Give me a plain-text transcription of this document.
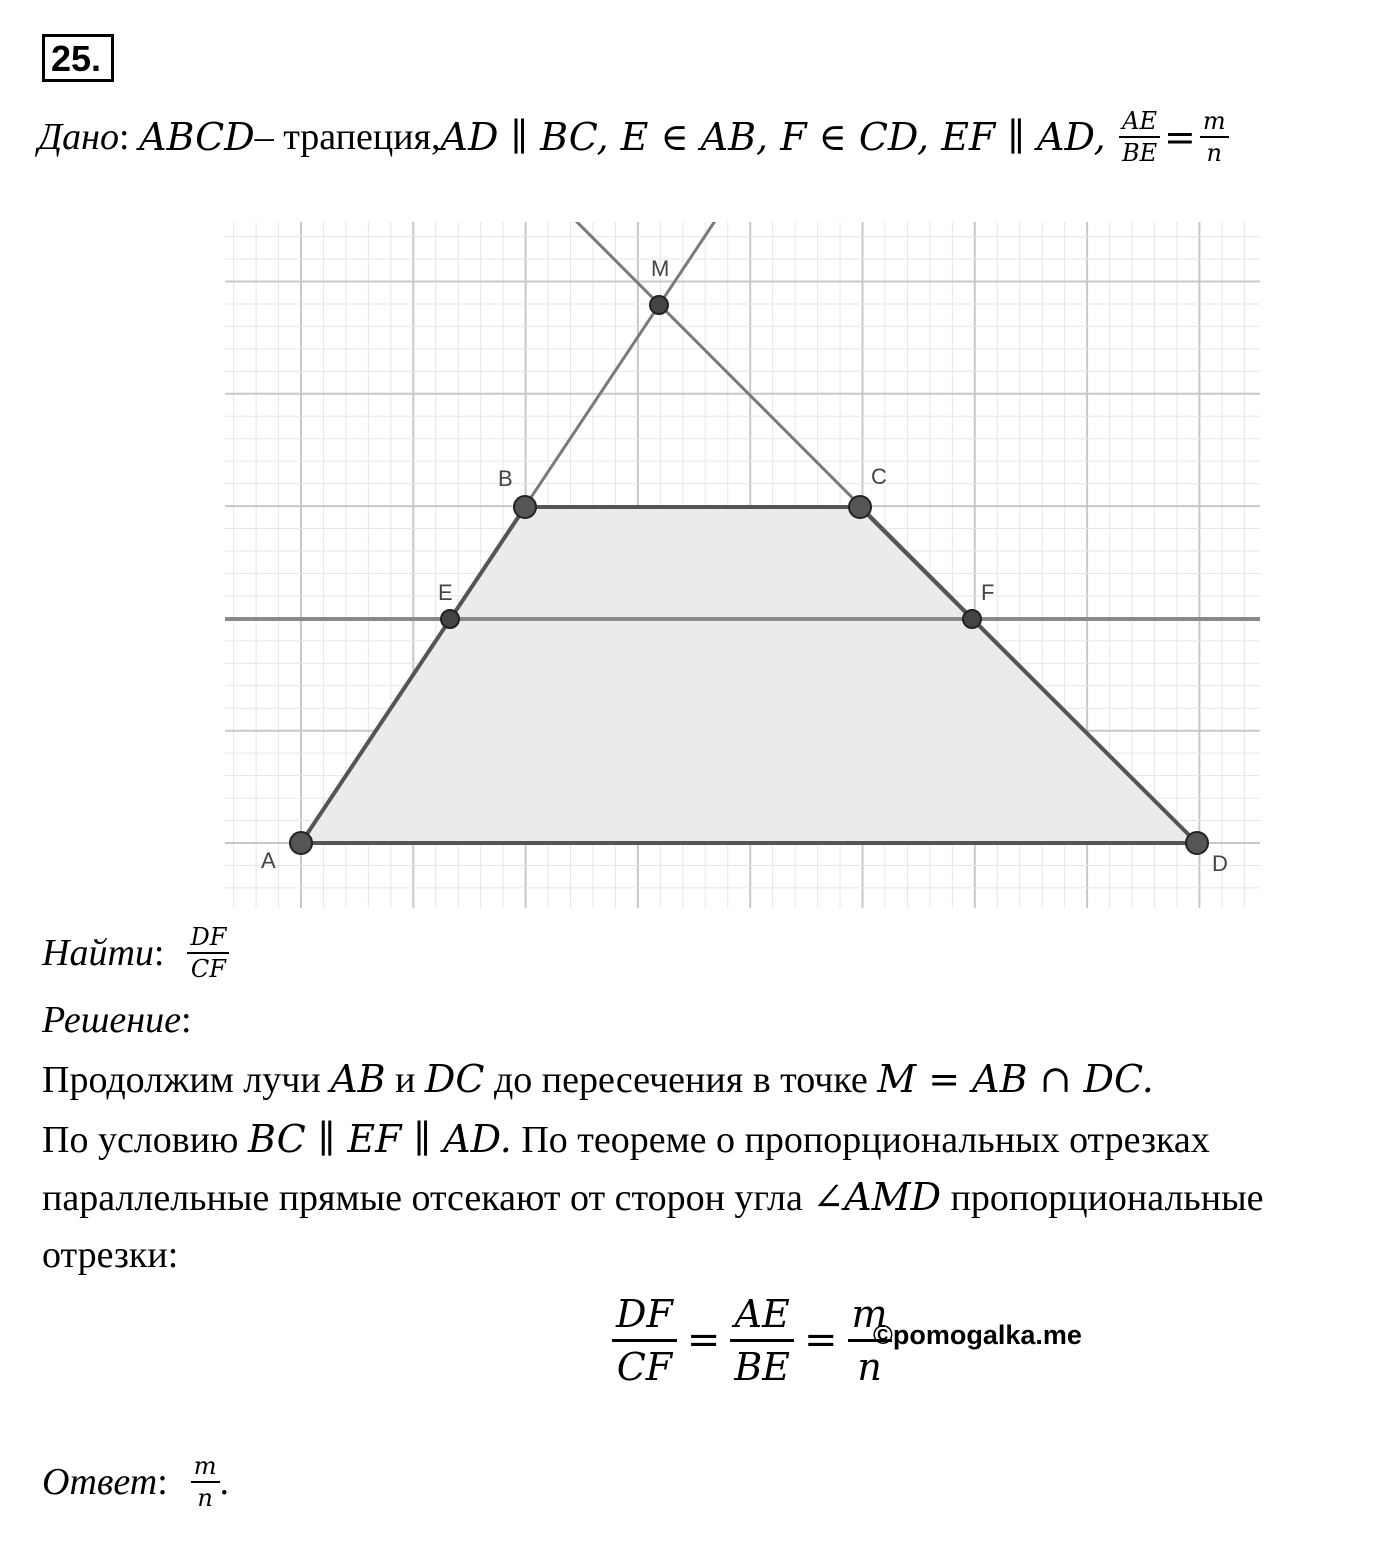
25.
Дано :
ABCD – трапеция, AD ∥ BC, E ∈ AB, F ∈ CD, EF ∥ AD,
$\frac{AE}{BE} = \frac{m}{n}$
A
B	C
D
E	F
M
Найти :
$\frac{DF}{CF}$
Решение:
Продолжим лучи AB и DC до пересечения в точке M = AB ∩ DC.
По условию BC ∥ EF ∥ AD. По теореме о пропорциональных отрезках
параллельные прямые отсекают от сторон угла ∠AMD пропорциональные
отрезки:
$\frac{DF}{CF} = \frac{AE}{BE} = \frac{m}{n}$
©pomogalka.me
Ответ :
$\frac{m}{n}$ .
